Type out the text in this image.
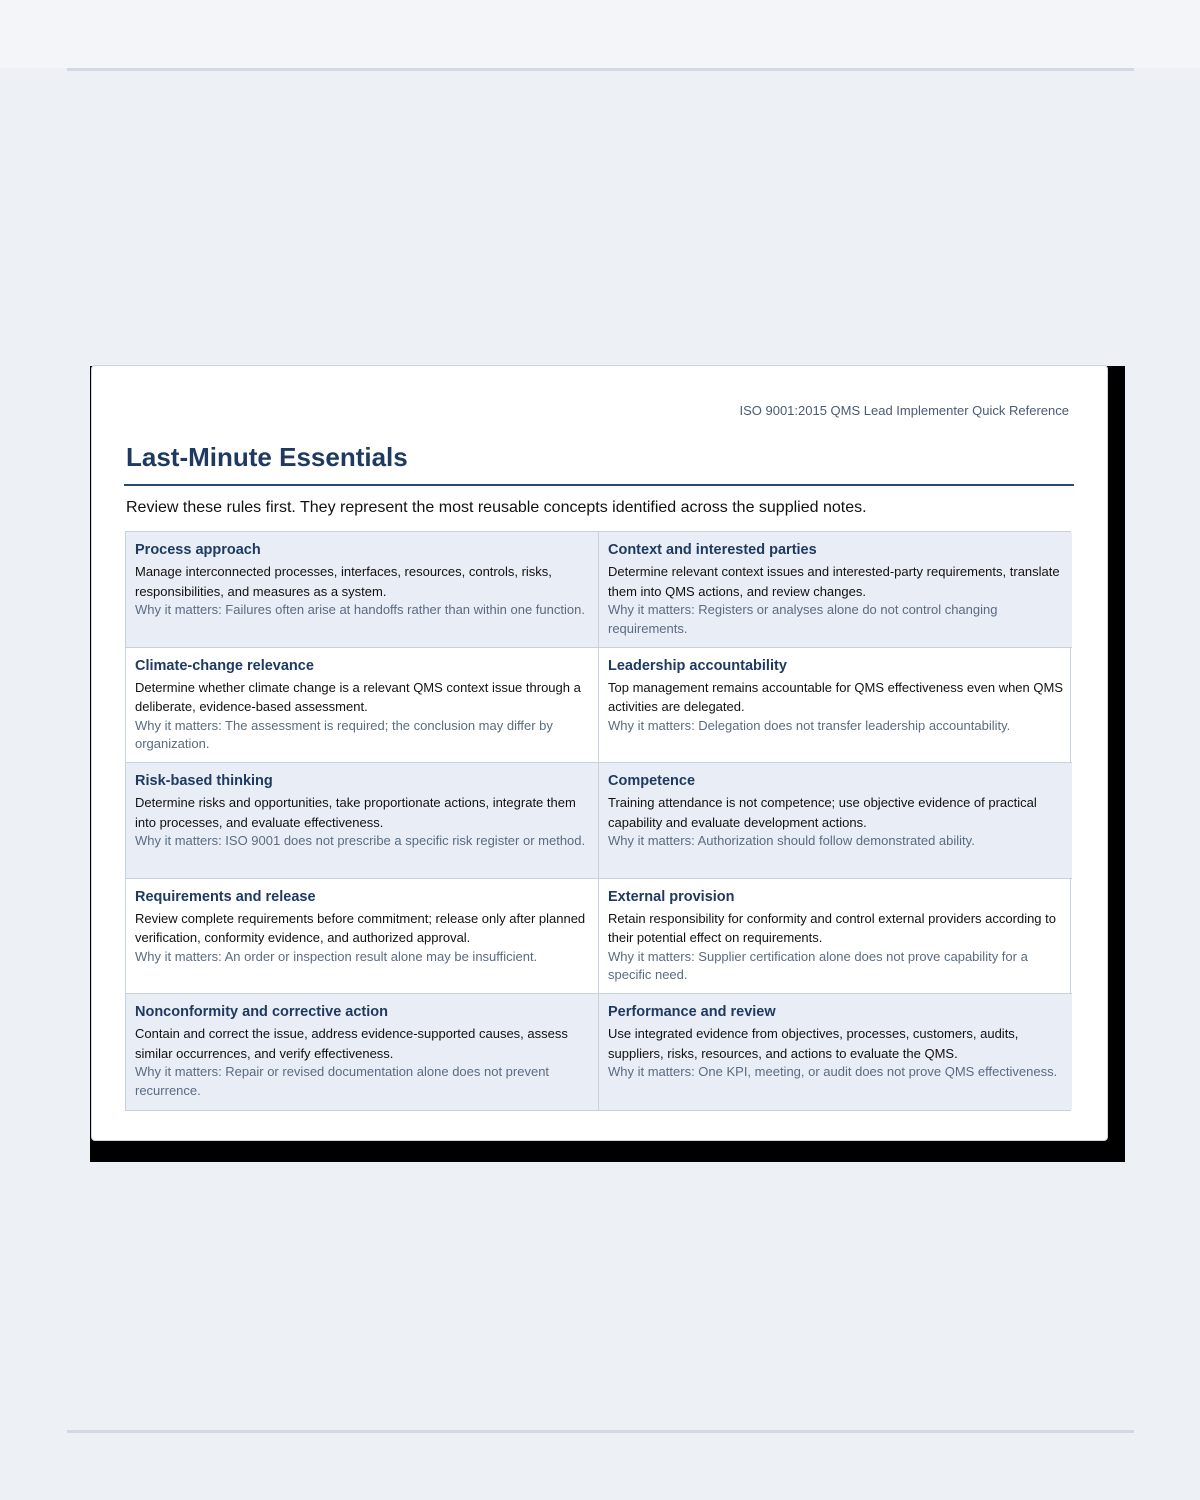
ISO 9001:2015 QMS Lead Implementer Quick Reference
Last-Minute Essentials
Review these rules first. They represent the most reusable concepts identified across the supplied notes.
Process approach
Manage interconnected processes, interfaces, resources, controls, risks, responsibilities, and measures as a system.
Why it matters: Failures often arise at handoffs rather than within one function.
Context and interested parties
Determine relevant context issues and interested-party requirements, translate them into QMS actions, and review changes.
Why it matters: Registers or analyses alone do not control changing requirements.
Climate-change relevance
Determine whether climate change is a relevant QMS context issue through a deliberate, evidence-based assessment.
Why it matters: The assessment is required; the conclusion may differ by organization.
Leadership accountability
Top management remains accountable for QMS effectiveness even when QMS activities are delegated.
Why it matters: Delegation does not transfer leadership accountability.
Risk-based thinking
Determine risks and opportunities, take proportionate actions, integrate them into processes, and evaluate effectiveness.
Why it matters: ISO 9001 does not prescribe a specific risk register or method.
Competence
Training attendance is not competence; use objective evidence of practical capability and evaluate development actions.
Why it matters: Authorization should follow demonstrated ability.
Requirements and release
Review complete requirements before commitment; release only after planned verification, conformity evidence, and authorized approval.
Why it matters: An order or inspection result alone may be insufficient.
External provision
Retain responsibility for conformity and control external providers according to their potential effect on requirements.
Why it matters: Supplier certification alone does not prove capability for a specific need.
Nonconformity and corrective action
Contain and correct the issue, address evidence-supported causes, assess similar occurrences, and verify effectiveness.
Why it matters: Repair or revised documentation alone does not prevent recurrence.
Performance and review
Use integrated evidence from objectives, processes, customers, audits, suppliers, risks, resources, and actions to evaluate the QMS.
Why it matters: One KPI, meeting, or audit does not prove QMS effectiveness.
